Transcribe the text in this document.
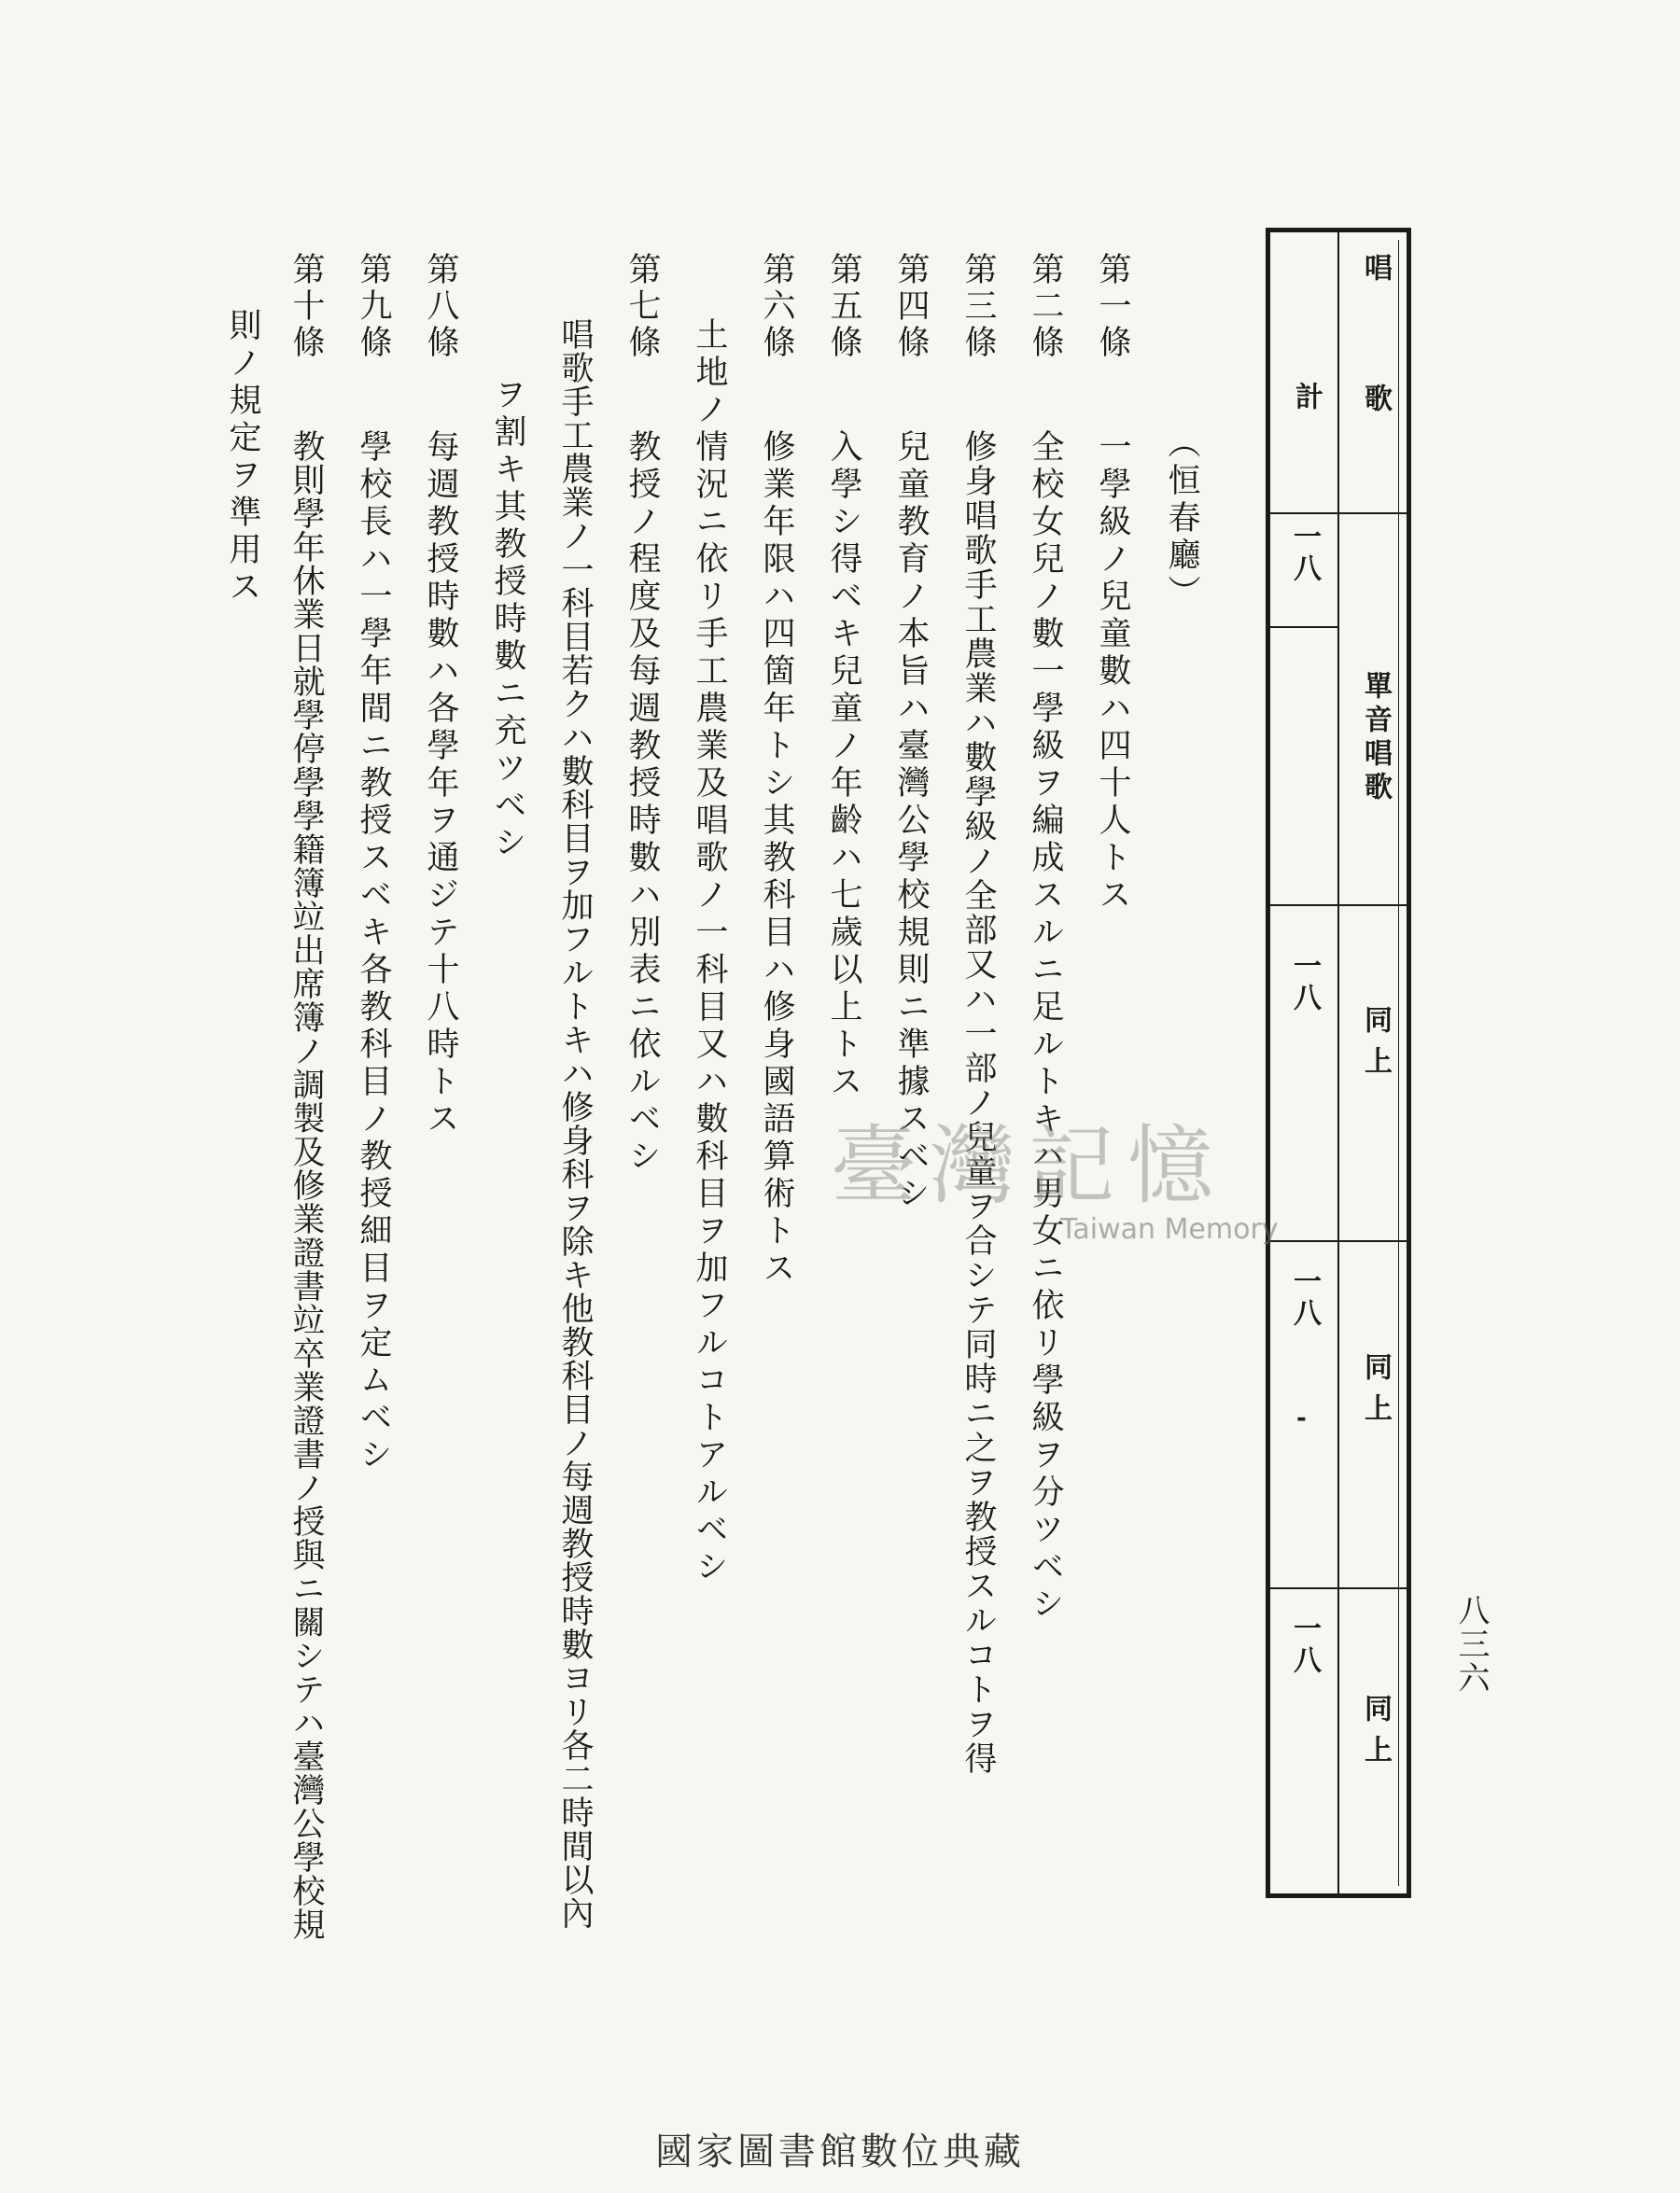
唱　歌
計
單音唱歌
一八
同上
一八
同上
一八
-
同上
一八	八三六
（恒春廳）
第一條
一學級ノ兒童數ハ四十人トス
第二條
全校女兒ノ數一學級ヲ編成スルニ足ルトキハ男女ニ依リ學級ヲ分ツベシ
第三條
修身唱歌手工農業ハ數學級ノ全部又ハ一部ノ兒童ヲ合シテ同時ニ之ヲ教授スルコトヲ得
第四條
兒童教育ノ本旨ハ臺灣公學校規則ニ準據スベシ
第五條
入學シ得ベキ兒童ノ年齡ハ七歲以上トス
第六條
修業年限ハ四箇年トシ其教科目ハ修身國語算術トス
土地ノ情況ニ依リ手工農業及唱歌ノ一科目又ハ數科目ヲ加フルコトアルベシ
第七條
教授ノ程度及每週教授時數ハ別表ニ依ルベシ
唱歌手工農業ノ一科目若クハ數科目ヲ加フルトキハ修身科ヲ除キ他教科目ノ每週教授時數ヨリ各二時間以內
ヲ割キ其教授時數ニ充ツベシ
第八條
每週教授時數ハ各學年ヲ通ジテ十八時トス
第九條
學校長ハ一學年間ニ教授スベキ各教科目ノ教授細目ヲ定ムベシ
第十條
教則學年休業日就學停學學籍簿竝出席簿ノ調製及修業證書竝卒業證書ノ授與ニ關シテハ臺灣公學校規
則ノ規定ヲ準用ス
臺灣記憶
Taiwan Memory
國家圖書館數位典藏
